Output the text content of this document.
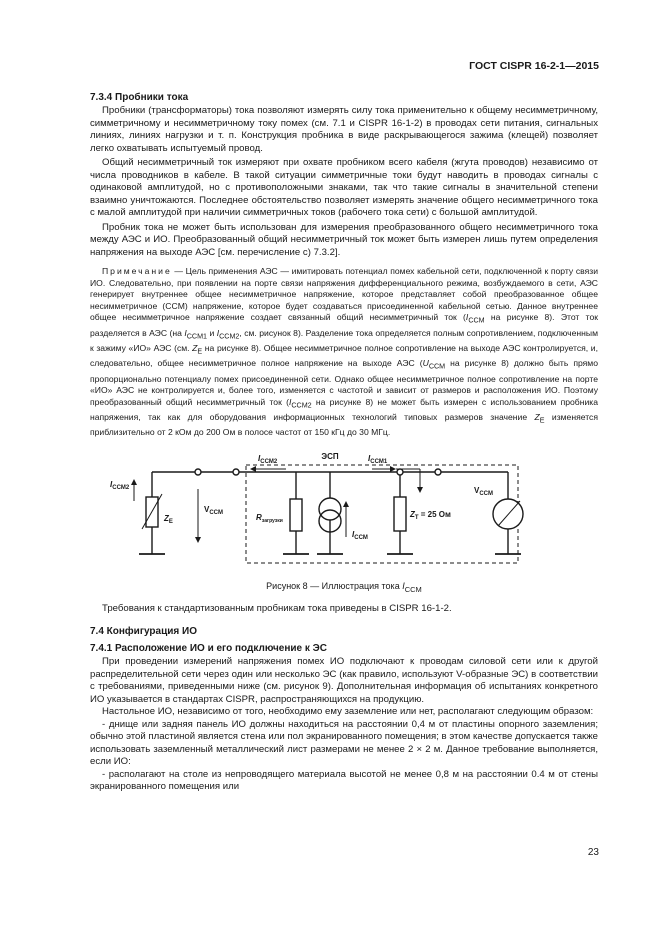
ГОСТ CISPR 16-2-1—2015
7.3.4 Пробники тока

Пробники (трансформаторы) тока позволяют измерять силу тока применительно к общему несимметричному, симметричному и несимметричному току помех (см. 7.1 и CISPR 16-1-2) в проводах сети питания, сигнальных линиях, линиях нагрузки и т. п. Конструкция пробника в виде раскрывающегося зажима (клещей) позволяет легко охватывать испытуемый провод.

Общий несимметричный ток измеряют при охвате пробником всего кабеля (жгута проводов) независимо от числа проводников в кабеле. В такой ситуации симметричные токи будут наводить в проводах сигналы с одинаковой амплитудой, но с противоположными знаками, так что такие сигналы в значительной степени взаимно уничтожаются. Последнее обстоятельство позволяет измерять значение общего несимметричного тока с малой амплитудой при наличии симметричных токов (рабочего тока сети) с большой амплитудой.

Пробник тока не может быть использован для измерения преобразованного общего несимметричного тока между АЭС и ИО. Преобразованный общий несимметричный ток может быть измерен лишь путем определения напряжения на выходе АЭС [см. перечисление с) 7.3.2].

Примечание — Цель применения АЭС — имитировать потенциал помех кабельной сети, подключенной к порту связи ИО. Следовательно, при появлении на порте связи напряжения дифференциального режима, возбуждаемого в сети, АЭС генерирует внутреннее общее несимметричное напряжение, которое представляет собой преобразованное общее несимметричное (CCM) напряжение, которое будет создаваться присоединенной кабельной сетью. Данное внутреннее общее несимметричное напряжение создает связанный общий несимметричный ток ($I_{CCM}$ на рисунке 8). Этот ток разделяется в АЭС (на $I_{CCM1}$ и $I_{CCM2}$, см. рисунок 8). Разделение тока определяется полным сопротивлением, подключенным к зажиму «ИО» АЭС (см. $Z_E$ на рисунке 8). Общее несимметричное полное сопротивление на выходе АЭС контролируется, и, следовательно, общее несимметричное полное напряжение на выходе АЭС ($U_{CCM}$ на рисунке 8) должно быть прямо пропорционально потенциалу помех присоединенной сети. Однако общее несимметричное полное сопротивление на порте «ИО» АЭС не контролируется и, более того, изменяется с частотой и зависит от размеров и расположения ИО. Поэтому преобразованный общий несимметричный ток ($I_{CCM2}$ на рисунке 8) не может быть измерен с использованием пробника напряжения, так как для оборудования информационных технологий типовых размеров значение $Z_E$ изменяется приблизительно от 2 кОм до 200 Ом в полосе частот от 150 кГц до 30 МГц.

ЭСП
$I_{CCM2}$
$Z_E$
$V_{CCM}$
$I_{CCM2}$	$I_{CCM1}$
$R_{загрузки}$
$I_{CCM}$
$Z_T = 25$ Ом
$V_{CCM}$
Рисунок 8 — Иллюстрация тока $I_{CCM}$

Требования к стандартизованным пробникам тока приведены в CISPR 16-1-2.

7.4 Конфигурация ИО
7.4.1 Расположение ИО и его подключение к ЭС

При проведении измерений напряжения помех ИО подключают к проводам силовой сети или к другой распределительной сети через один или несколько ЭС (как правило, используют V-образные ЭС) в соответствии с требованиями, приведенными ниже (см. рисунок 9). Дополнительная информация об испытаниях конкретного ИО указывается в стандартах CISPR, распространяющихся на продукцию.

Настольное ИО, независимо от того, необходимо ему заземление или нет, располагают следующим образом:

- днище или задняя панель ИО должны находиться на расстоянии 0,4 м от пластины опорного заземления; обычно этой пластиной является стена или пол экранированного помещения; в этом качестве допускается также использовать заземленный металлический лист размерами не менее 2 × 2 м. Данное требование выполняется, если ИО:

- располагают на столе из непроводящего материала высотой не менее 0,8 м на расстоянии 0.4 м от стены экранированного помещения или

23
